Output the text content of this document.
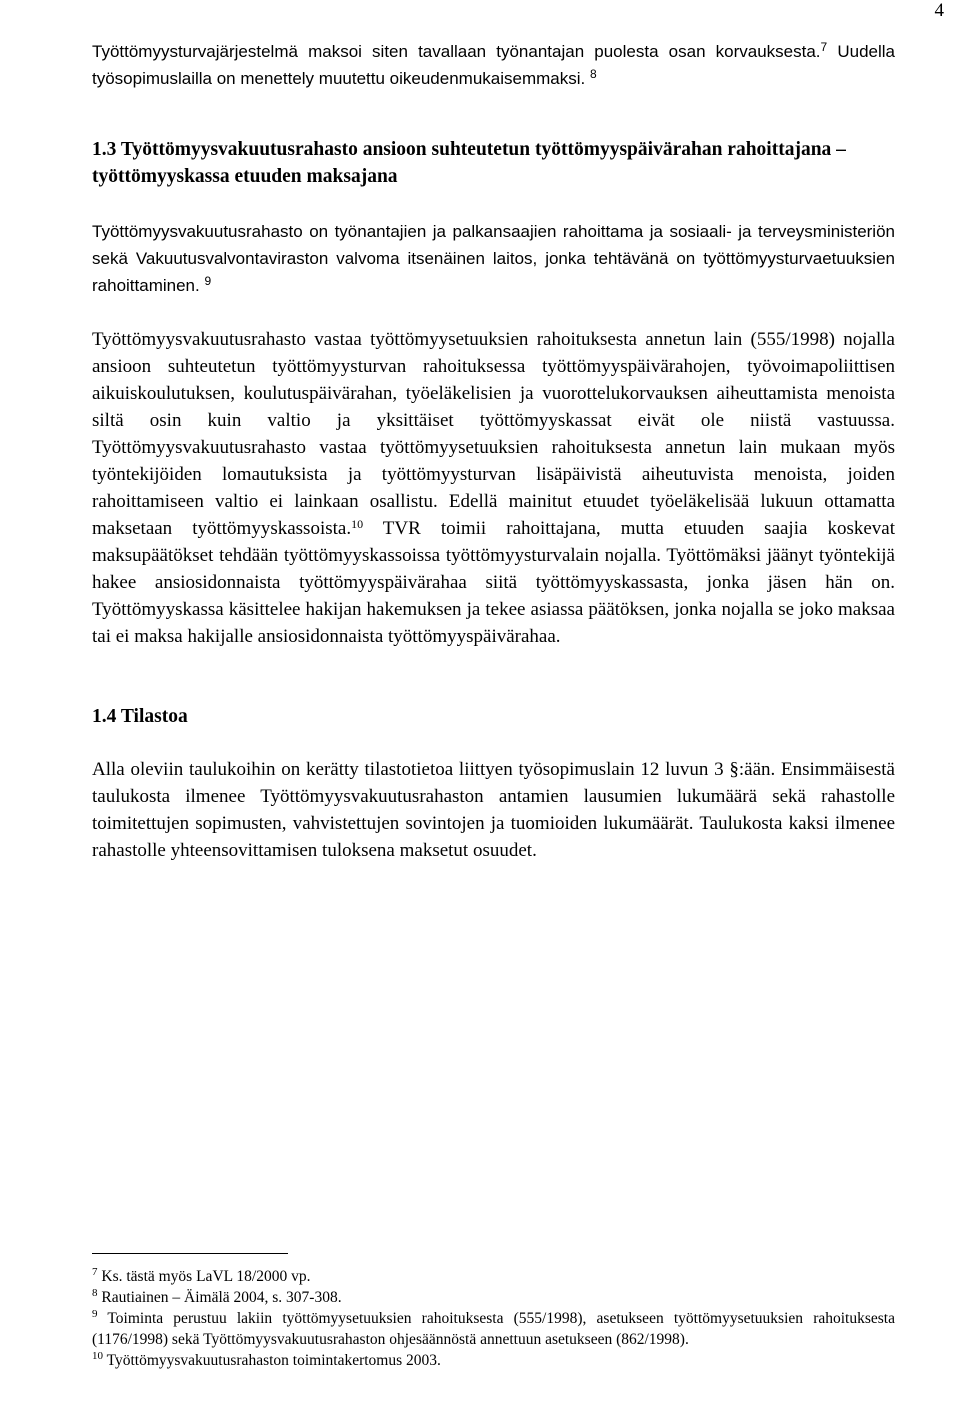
4

Työttömyysturvajärjestelmä maksoi siten tavallaan työnantajan puolesta osan korvauksesta.$^7$ Uudella työsopimuslailla on menettely muutettu oikeudenmukaisemmaksi. $^8$

1.3 Työttömyysvakuutusrahasto ansioon suhteutetun työttömyyspäivärahan rahoittajana – työttömyyskassa etuuden maksajana

Työttömyysvakuutusrahasto on työnantajien ja palkansaajien rahoittama ja sosiaali- ja terveysministeriön sekä Vakuutusvalvontaviraston valvoma itsenäinen laitos, jonka tehtävänä on työttömyysturvaetuuksien rahoittaminen. $^9$

Työttömyysvakuutusrahasto vastaa työttömyysetuuksien rahoituksesta annetun lain (555/1998) nojalla ansioon suhteutetun työttömyysturvan rahoituksessa työttömyyspäivärahojen, työvoimapoliittisen aikuiskoulutuksen, koulutuspäivärahan, työeläkelisien ja vuorottelukorvauksen aiheuttamista menoista siltä osin kuin valtio ja yksittäiset työttömyyskassat eivät ole niistä vastuussa. Työttömyysvakuutusrahasto vastaa työttömyysetuuksien rahoituksesta annetun lain mukaan myös työntekijöiden lomautuksista ja työttömyysturvan lisäpäivistä aiheutuvista menoista, joiden rahoittamiseen valtio ei lainkaan osallistu. Edellä mainitut etuudet työeläkelisää lukuun ottamatta maksetaan työttömyyskassoista.$^{10}$ TVR toimii rahoittajana, mutta etuuden saajia koskevat maksupäätökset tehdään työttömyyskassoissa työttömyysturvalain nojalla. Työttömäksi jäänyt työntekijä hakee ansiosidonnaista työttömyyspäivärahaa siitä työttömyyskassasta, jonka jäsen hän on. Työttömyyskassa käsittelee hakijan hakemuksen ja tekee asiassa päätöksen, jonka nojalla se joko maksaa tai ei maksa hakijalle ansiosidonnaista työttömyyspäivärahaa.

1.4 Tilastoa

Alla oleviin taulukoihin on kerätty tilastotietoa liittyen työsopimuslain 12 luvun 3 §:ään. Ensimmäisestä taulukosta ilmenee Työttömyysvakuutusrahaston antamien lausumien lukumäärä sekä rahastolle toimitettujen sopimusten, vahvistettujen sovintojen ja tuomioiden lukumäärät. Taulukosta kaksi ilmenee rahastolle yhteensovittamisen tuloksena maksetut osuudet.

$^7$ Ks. tästä myös LaVL 18/2000 vp.

$^8$ Rautiainen – Äimälä 2004, s. 307-308.

$^9$ Toiminta perustuu lakiin työttömyysetuuksien rahoituksesta (555/1998), asetukseen työttömyysetuuksien rahoituksesta (1176/1998) sekä Työttömyysvakuutusrahaston ohjesäännöstä annettuun asetukseen (862/1998).

$^{10}$ Työttömyysvakuutusrahaston toimintakertomus 2003.
